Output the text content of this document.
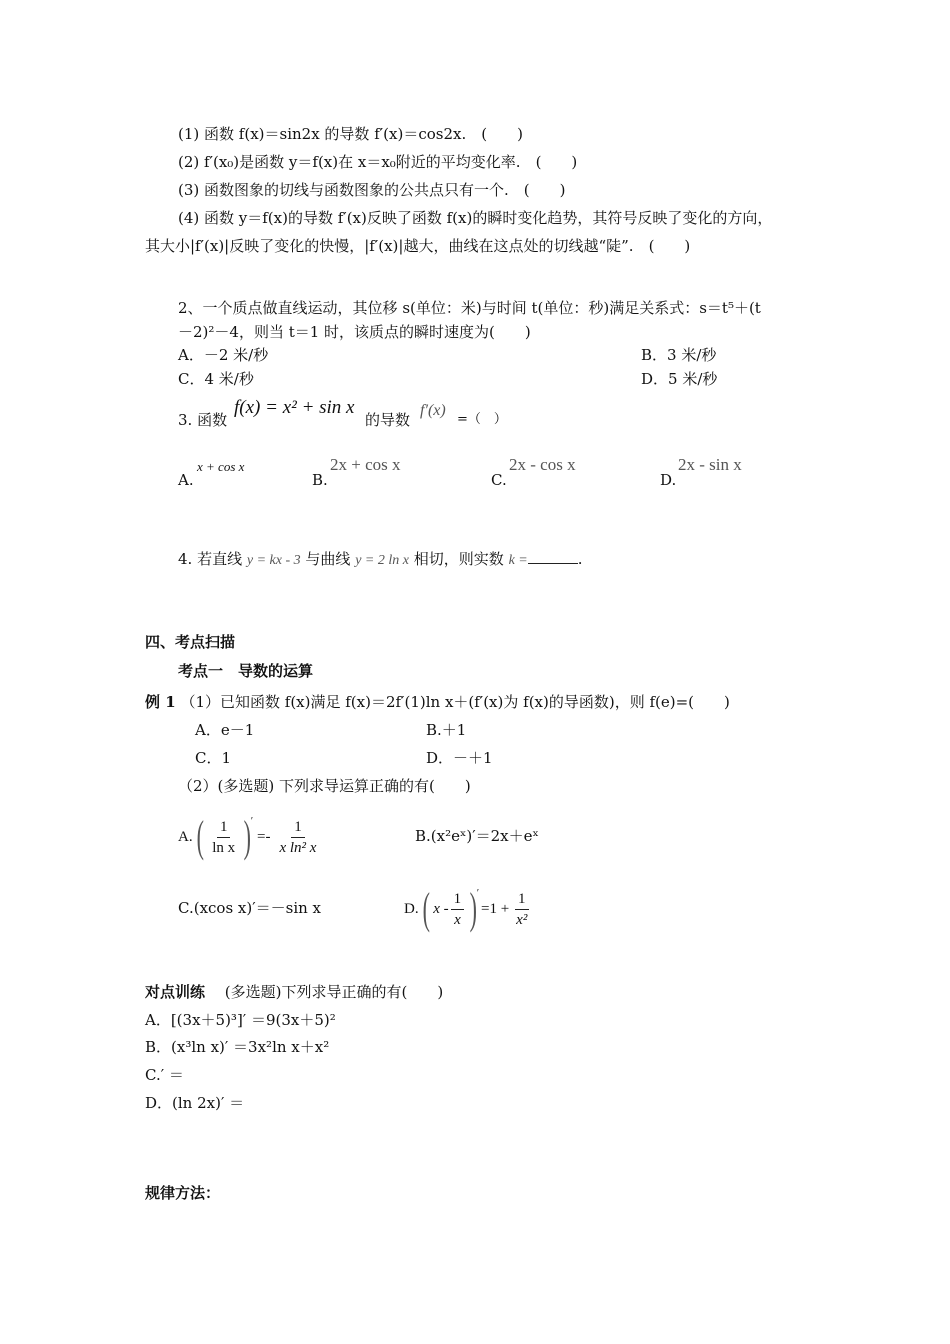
(1) 函数 f(x)＝sin2x 的导数 f′(x)＝cos2x.　(　　)
(2) f′(x₀)是函数 y＝f(x)在 x＝x₀附近的平均变化率.　(　　)
(3) 函数图象的切线与函数图象的公共点只有一个.　(　　)
(4) 函数 y＝f(x)的导数 f′(x)反映了函数 f(x)的瞬时变化趋势，其符号反映了变化的方向，
其大小|f′(x)|反映了变化的快慢，|f′(x)|越大，曲线在这点处的切线越“陡”.　(　　)
2、一个质点做直线运动，其位移 s(单位：米)与时间 t(单位：秒)满足关系式：s＝t⁵＋(t
－2)²－4，则当 t＝1 时，该质点的瞬时速度为(　　)
A．－2 米/秒	B．3 米/秒
C．4 米/秒	D．5 米/秒
3. 函数
f(x) = x² + sin x
的导数
f′(x)
=（　）
A.
x + cos x
B.
2x + cos x
C.
2x - cos x
D.
2x - sin x
4. 若直线 y = kx - 3 与曲线 y = 2 ln x 相切，则实数 k =	.
四、考点扫描
考点一　导数的运算
例 1 （1）已知函数 f(x)满足 f(x)＝2f′(1)ln x＋(f′(x)为 f(x)的导函数)，则 f(e)=(　　)
A．e－1	B.＋1
C．1	D．－＋1
（2）(多选题) 下列求导运算正确的有(　　)
A. ( 1
ln x ) ′
=-
1
x ln² x
B.(x²eˣ)′＝2x＋eˣ
C.(xcos x)′＝－sin x	D. ( x -
1
x ) ′
$=1 + \frac{1}{\text{x²}}$
对点训练 　(多选题)下列求导正确的有(　　)
A．[(3x＋5)³]′ ＝9(3x＋5)²
B．(x³ln x)′ ＝3x²ln x＋x²
C.′ ＝
D．(ln 2x)′ ＝
规律方法：
